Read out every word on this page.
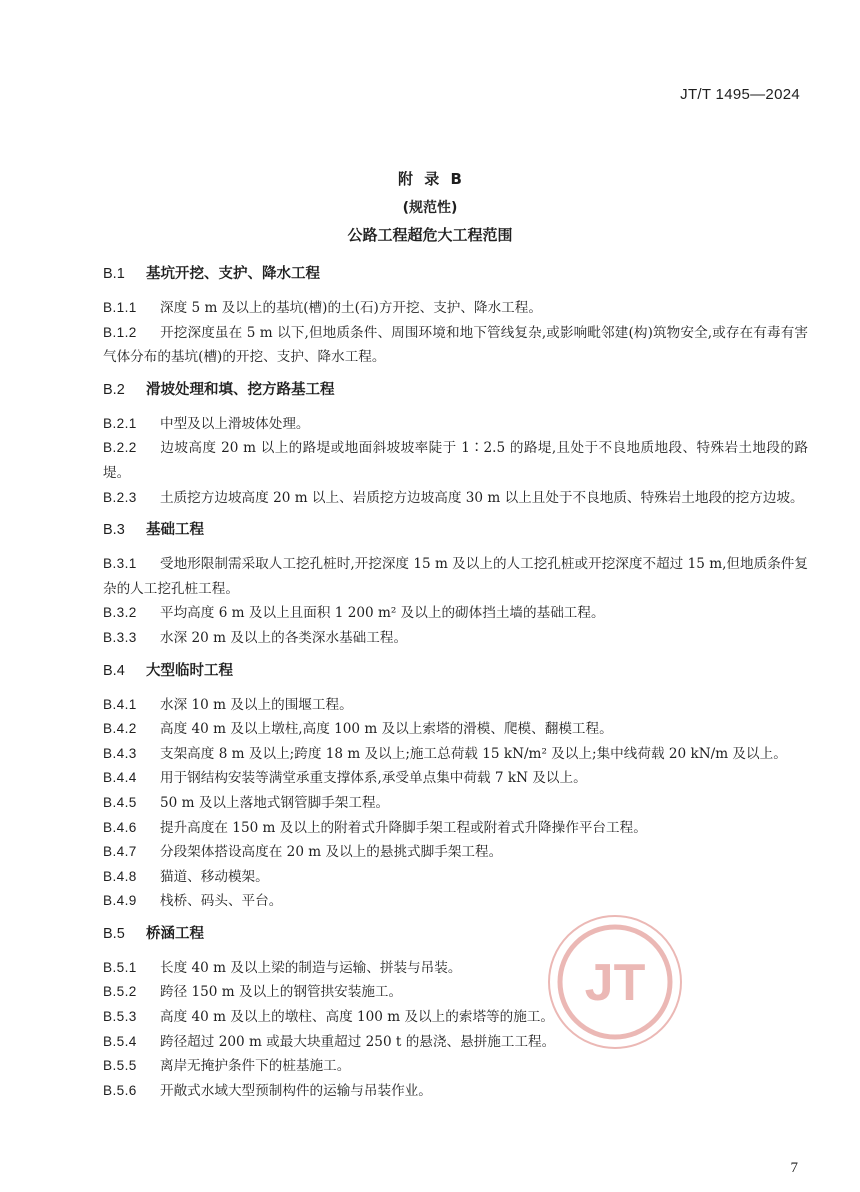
JT/T 1495—2024
附 录 B
(规范性)
公路工程超危大工程范围
B.1 基坑开挖、支护、降水工程
B.1.1 深度 5 m 及以上的基坑(槽)的土(石)方开挖、支护、降水工程。
B.1.2 开挖深度虽在 5 m 以下,但地质条件、周围环境和地下管线复杂,或影响毗邻建(构)筑物安全,或存在有毒有害气体分布的基坑(槽)的开挖、支护、降水工程。
B.2 滑坡处理和填、挖方路基工程
B.2.1 中型及以上滑坡体处理。
B.2.2 边坡高度 20 m 以上的路堤或地面斜坡坡率陡于 1∶2.5 的路堤,且处于不良地质地段、特殊岩土地段的路堤。
B.2.3 土质挖方边坡高度 20 m 以上、岩质挖方边坡高度 30 m 以上且处于不良地质、特殊岩土地段的挖方边坡。
B.3 基础工程
B.3.1 受地形限制需采取人工挖孔桩时,开挖深度 15 m 及以上的人工挖孔桩或开挖深度不超过 15 m,但地质条件复杂的人工挖孔桩工程。
B.3.2 平均高度 6 m 及以上且面积 1 200 m² 及以上的砌体挡土墙的基础工程。
B.3.3 水深 20 m 及以上的各类深水基础工程。
B.4 大型临时工程
B.4.1 水深 10 m 及以上的围堰工程。
B.4.2 高度 40 m 及以上墩柱,高度 100 m 及以上索塔的滑模、爬模、翻模工程。
B.4.3 支架高度 8 m 及以上;跨度 18 m 及以上;施工总荷载 15 kN/m² 及以上;集中线荷载 20 kN/m 及以上。
B.4.4 用于钢结构安装等满堂承重支撑体系,承受单点集中荷载 7 kN 及以上。
B.4.5 50 m 及以上落地式钢管脚手架工程。
B.4.6 提升高度在 150 m 及以上的附着式升降脚手架工程或附着式升降操作平台工程。
B.4.7 分段架体搭设高度在 20 m 及以上的悬挑式脚手架工程。
B.4.8 猫道、移动模架。
B.4.9 栈桥、码头、平台。
B.5 桥涵工程
B.5.1 长度 40 m 及以上梁的制造与运输、拼装与吊装。
B.5.2 跨径 150 m 及以上的钢管拱安装施工。
B.5.3 高度 40 m 及以上的墩柱、高度 100 m 及以上的索塔等的施工。
B.5.4 跨径超过 200 m 或最大块重超过 250 t 的悬浇、悬拼施工工程。
B.5.5 离岸无掩护条件下的桩基施工。
B.5.6 开敞式水域大型预制构件的运输与吊装作业。
JT
7
